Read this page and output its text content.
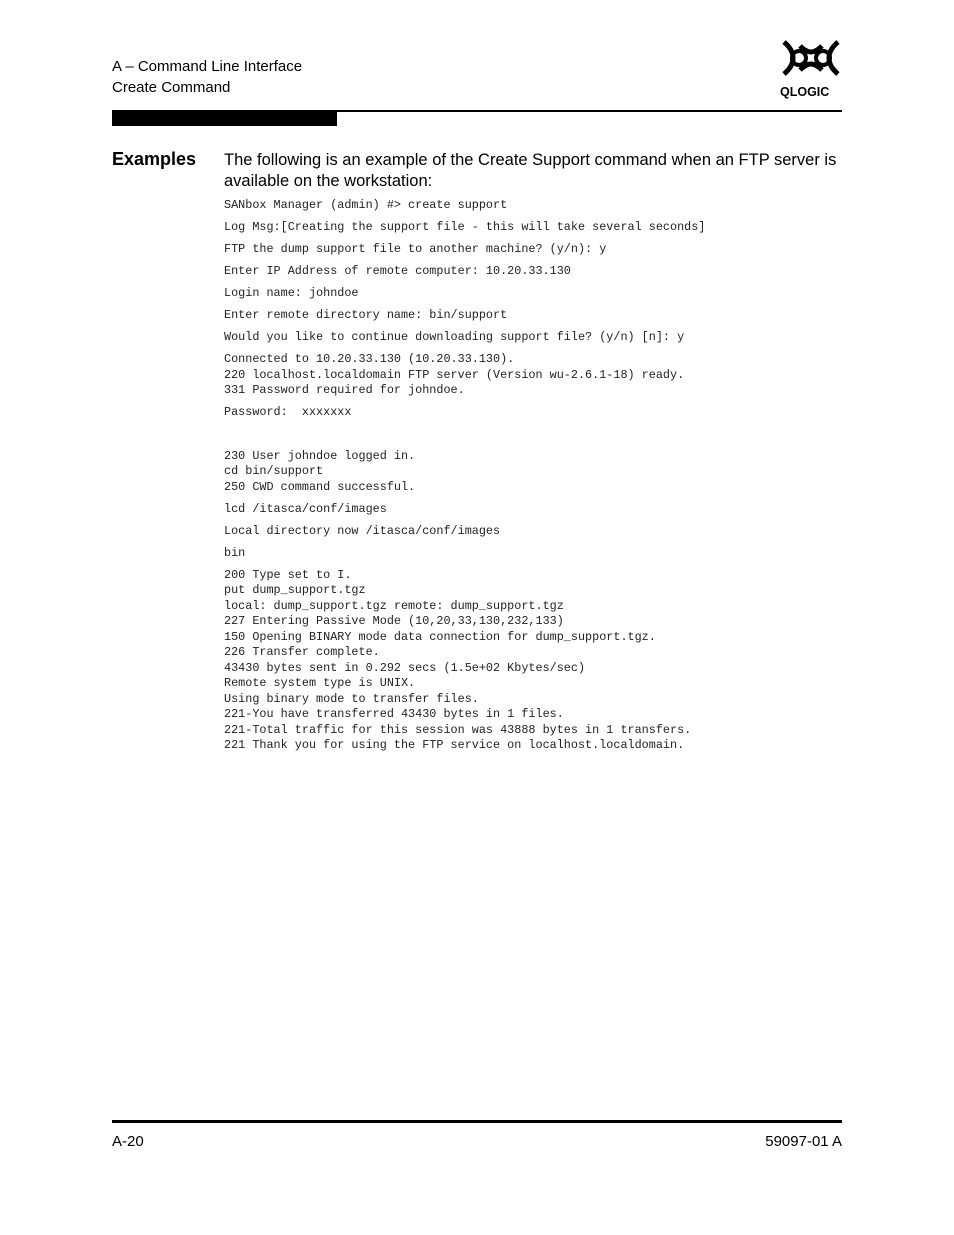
A – Command Line Interface
Create Command	QLOGIC
Examples The following is an example of the Create Support command when an FTP server is available on the workstation:
SANbox Manager (admin) #> create support
Log Msg:[Creating the support file - this will take several seconds]
FTP the dump support file to another machine? (y/n): y
Enter IP Address of remote computer: 10.20.33.130
Login name: johndoe
Enter remote directory name: bin/support
Would you like to continue downloading support file? (y/n) [n]: y
Connected to 10.20.33.130 (10.20.33.130).
220 localhost.localdomain FTP server (Version wu-2.6.1-18) ready.
331 Password required for johndoe.
Password:  xxxxxxx
230 User johndoe logged in.
cd bin/support
250 CWD command successful.
lcd /itasca/conf/images
Local directory now /itasca/conf/images
bin
200 Type set to I.
put dump_support.tgz
local: dump_support.tgz remote: dump_support.tgz
227 Entering Passive Mode (10,20,33,130,232,133)
150 Opening BINARY mode data connection for dump_support.tgz.
226 Transfer complete.
43430 bytes sent in 0.292 secs (1.5e+02 Kbytes/sec)
Remote system type is UNIX.
Using binary mode to transfer files.
221-You have transferred 43430 bytes in 1 files.
221-Total traffic for this session was 43888 bytes in 1 transfers.
221 Thank you for using the FTP service on localhost.localdomain.
A-20	59097-01 A
